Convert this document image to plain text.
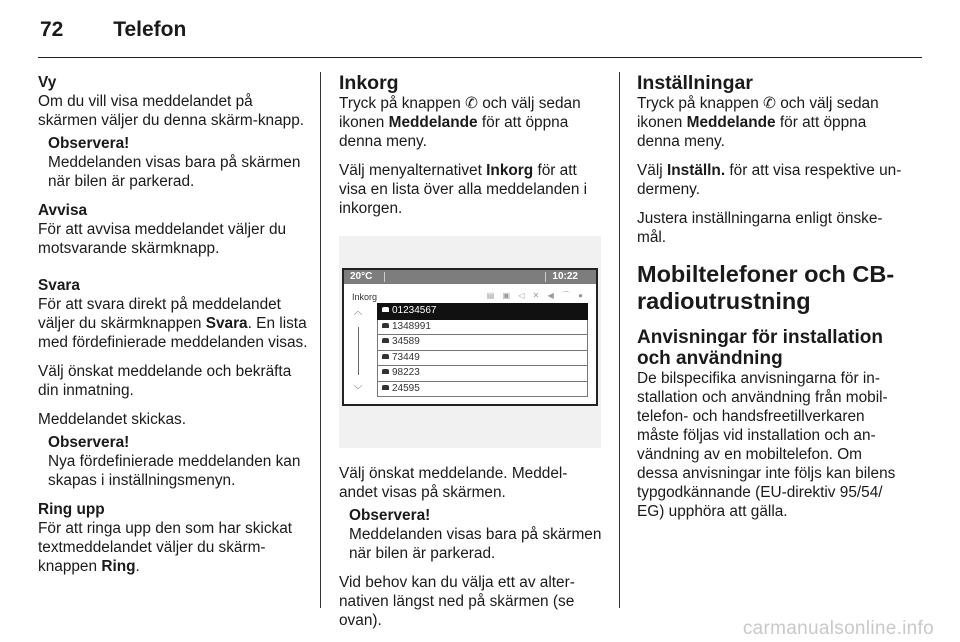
72 Telefon

Vy

Om du vill visa meddelandet på skärmen väljer du denna skärm-knapp.

Observera!

Meddelanden visas bara på skärmen när bilen är parkerad.

Avvisa

För att avvisa meddelandet väljer du motsvarande skärmknapp.

Svara

För att svara direkt på meddelandet väljer du skärmknappen Svara. En lista med fördefinierade meddelanden visas.

Välj önskat meddelande och bekräfta din inmatning.

Meddelandet skickas.

Observera!

Nya fördefinierade meddelanden kan skapas i inställningsmenyn.

Ring upp

För att ringa upp den som har skickat textmeddelandet väljer du skärm-knappen Ring.

Inkorg

Tryck på knappen ✆ och välj sedan ikonen Meddelande för att öppna denna meny.

Välj menyalternativet Inkorg för att visa en lista över alla meddelanden i inkorgen.

20°C	10:22
Inkorg	▤ ▣ ◁ ✕ ◀ ⌒ ●
︿
﹀
01234567
1348991
34589
73449
98223
24595

Välj önskat meddelande. Meddel-andet visas på skärmen.

Observera!

Meddelanden visas bara på skärmen när bilen är parkerad.

Vid behov kan du välja ett av alter-nativen längst ned på skärmen (se ovan).

Inställningar

Tryck på knappen ✆ och välj sedan ikonen Meddelande för att öppna denna meny.

Välj Inställn. för att visa respektive un-dermeny.

Justera inställningarna enligt önske-mål.

Mobiltelefoner och CB-radioutrustning
Anvisningar för installation och användning

De bilspecifika anvisningarna för in-stallation och användning från mobil-telefon- och handsfreetillverkaren måste följas vid installation och an-vändning av en mobiltelefon. Om dessa anvisningar inte följs kan bilens typgodkännande (EU-direktiv 95/54/ EG) upphöra att gälla.

carmanualsonline.info
